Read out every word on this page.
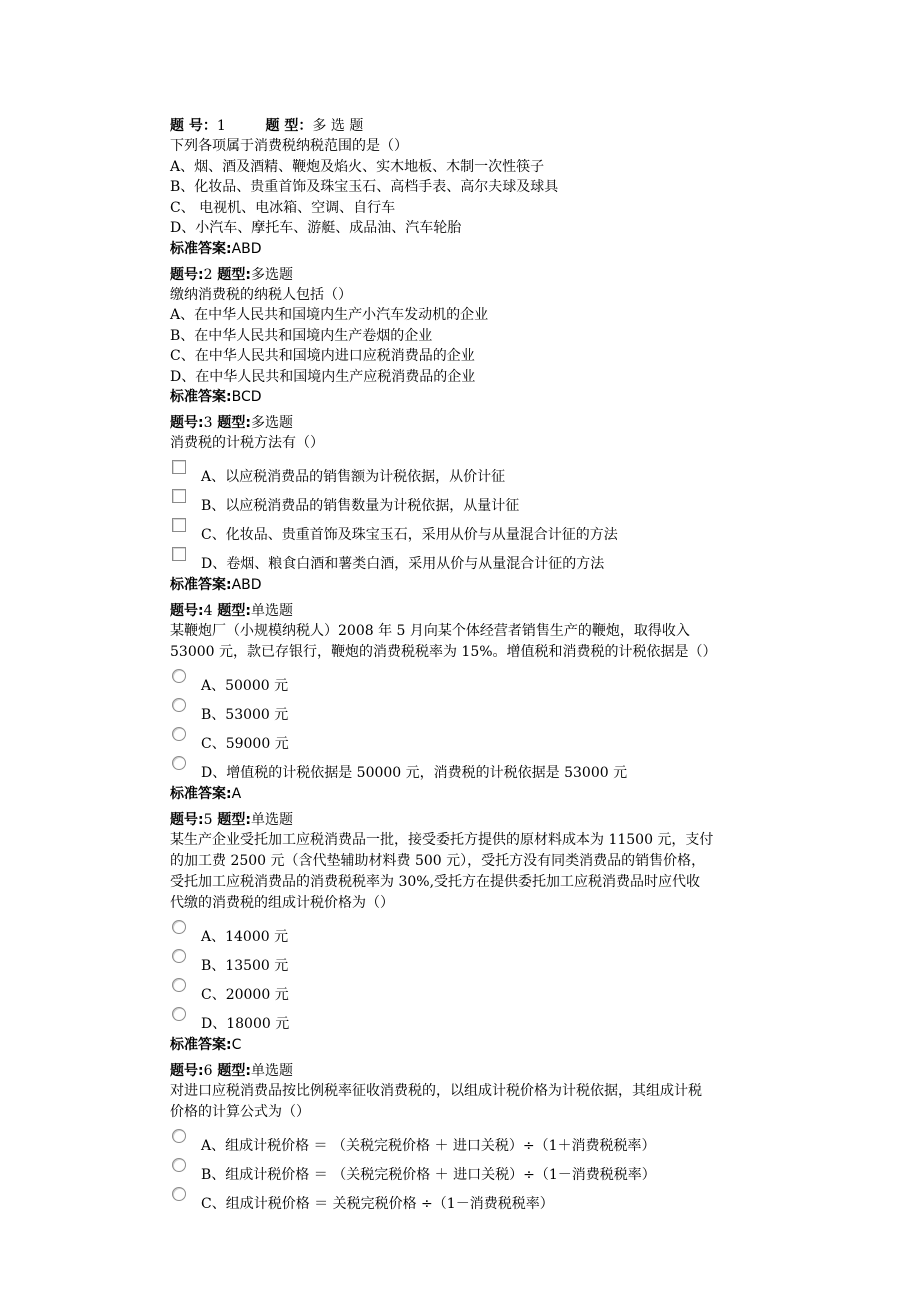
题 号：1	题 型：多 选 题
下列各项属于消费税纳税范围的是（）
A、烟、酒及酒精、鞭炮及焰火、实木地板、木制一次性筷子
B、化妆品、贵重首饰及珠宝玉石、高档手表、高尔夫球及球具
C、 电视机、电冰箱、空调、自行车
D、小汽车、摩托车、游艇、成品油、汽车轮胎
标准答案:ABD
题号:2 题型:多选题
缴纳消费税的纳税人包括（）
A、在中华人民共和国境内生产小汽车发动机的企业
B、在中华人民共和国境内生产卷烟的企业
C、在中华人民共和国境内进口应税消费品的企业
D、在中华人民共和国境内生产应税消费品的企业
标准答案:BCD
题号:3 题型:多选题
消费税的计税方法有（）
A、以应税消费品的销售额为计税依据，从价计征
B、以应税消费品的销售数量为计税依据，从量计征
C、化妆品、贵重首饰及珠宝玉石，采用从价与从量混合计征的方法
D、卷烟、粮食白酒和薯类白酒，采用从价与从量混合计征的方法
标准答案:ABD
题号:4 题型:单选题
某鞭炮厂（小规模纳税人）2008 年 5 月向某个体经营者销售生产的鞭炮，取得收入
53000 元，款已存银行，鞭炮的消费税税率为 15%。增值税和消费税的计税依据是（）
A、50000 元
B、53000 元
C、59000 元
D、增值税的计税依据是 50000 元，消费税的计税依据是 53000 元
标准答案:A
题号:5 题型:单选题
某生产企业受托加工应税消费品一批，接受委托方提供的原材料成本为 11500 元，支付
的加工费 2500 元（含代垫辅助材料费 500 元），受托方没有同类消费品的销售价格，
受托加工应税消费品的消费税税率为 30%,受托方在提供委托加工应税消费品时应代收
代缴的消费税的组成计税价格为（）
A、14000 元
B、13500 元
C、20000 元
D、18000 元
标准答案:C
题号:6 题型:单选题
对进口应税消费品按比例税率征收消费税的，以组成计税价格为计税依据，其组成计税
价格的计算公式为（）
A、组成计税价格 ＝ （关税完税价格 ＋ 进口关税）÷（1＋消费税税率）
B、组成计税价格 ＝ （关税完税价格 ＋ 进口关税）÷（1－消费税税率）
C、组成计税价格 ＝ 关税完税价格 ÷（1－消费税税率）
